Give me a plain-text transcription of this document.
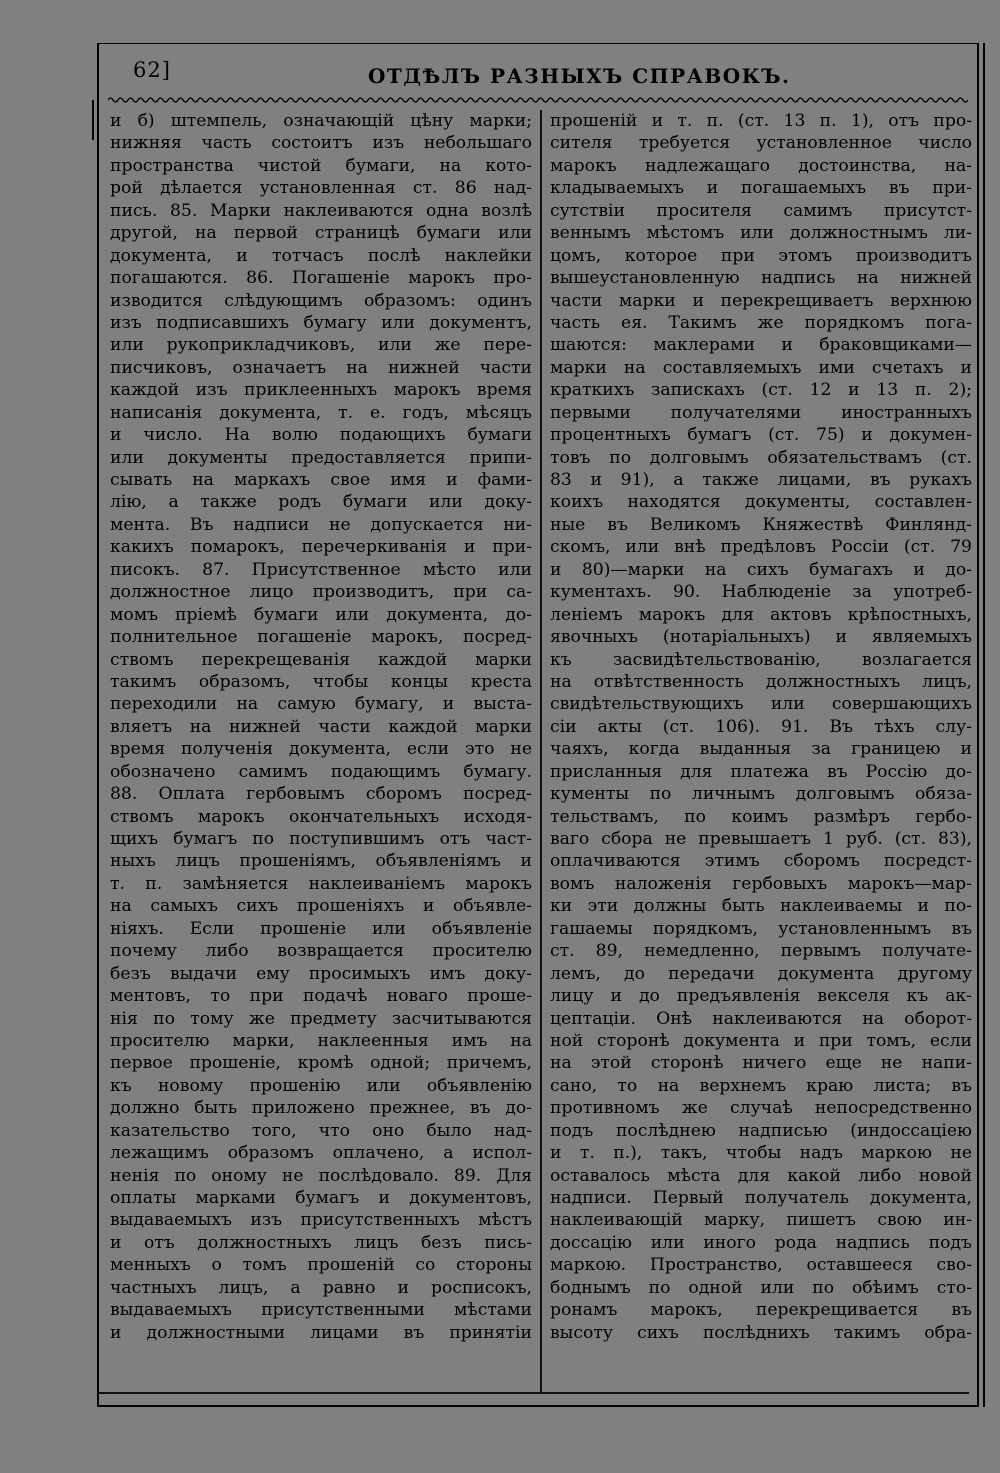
62]	ОТДѢЛЪ РАЗНЫХЪ СПРАВОКЪ.
и б) штемпель, означающій цѣну марки;
нижняя часть состоитъ изъ небольшаго
пространства чистой бумаги, на кото-
рой дѣлается установленная ст. 86 над-
пись. 85. Марки наклеиваются одна возлѣ
другой, на первой страницѣ бумаги или
документа, и тотчасъ послѣ наклейки
погашаются. 86. Погашеніе марокъ про-
изводится слѣдующимъ образомъ: одинъ
изъ подписавшихъ бумагу или документъ,
или рукоприкладчиковъ, или же пере-
писчиковъ, означаетъ на нижней части
каждой изъ приклеенныхъ марокъ время
написанія документа, т. е. годъ, мѣсяцъ
и число. На волю подающихъ бумаги
или документы предоставляется припи-
сывать на маркахъ свое имя и фами-
лію, а также родъ бумаги или доку-
мента. Въ надписи не допускается ни-
какихъ помарокъ, перечеркиванія и при-
писокъ. 87. Присутственное мѣсто или
должностное лицо производитъ, при са-
момъ пріемѣ бумаги или документа, до-
полнительное погашеніе марокъ, посред-
ствомъ перекрещеванія каждой марки
такимъ образомъ, чтобы концы креста
переходили на самую бумагу, и выста-
вляетъ на нижней части каждой марки
время полученія документа, если это не
обозначено самимъ подающимъ бумагу.
88. Оплата гербовымъ сборомъ посред-
ствомъ марокъ окончательныхъ исходя-
щихъ бумагъ по поступившимъ отъ част-
ныхъ лицъ прошеніямъ, объявленіямъ и
т. п. замѣняется наклеиваніемъ марокъ
на самыхъ сихъ прошеніяхъ и объявле-
ніяхъ. Если прошеніе или объявленіе
почему либо возвращается просителю
безъ выдачи ему просимыхъ имъ доку-
ментовъ, то при подачѣ новаго проше-
нія по тому же предмету засчитываются
просителю марки, наклеенныя имъ на
первое прошеніе, кромѣ одной; причемъ,
къ новому прошенію или объявленію
должно быть приложено прежнее, въ до-
казательство того, что оно было над-
лежащимъ образомъ оплачено, а испол-
ненія по оному не послѣдовало. 89. Для
оплаты марками бумагъ и документовъ,
выдаваемыхъ изъ присутственныхъ мѣстъ
и отъ должностныхъ лицъ безъ пись-
менныхъ о томъ прошеній со стороны
частныхъ лицъ, а равно и росписокъ,
выдаваемыхъ присутственными мѣстами
и должностными лицами въ принятіи
прошеній и т. п. (ст. 13 п. 1), отъ про-
сителя требуется установленное число
марокъ надлежащаго достоинства, на-
кладываемыхъ и погашаемыхъ въ при-
сутствіи просителя самимъ присутст-
веннымъ мѣстомъ или должностнымъ ли-
цомъ, которое при этомъ производитъ
вышеустановленную надпись на нижней
части марки и перекрещиваетъ верхнюю
часть ея. Такимъ же порядкомъ пога-
шаются: маклерами и браковщиками—
марки на составляемыхъ ими счетахъ и
краткихъ запискахъ (ст. 12 и 13 п. 2);
первыми получателями иностранныхъ
процентныхъ бумагъ (ст. 75) и докумен-
товъ по долговымъ обязательствамъ (ст.
83 и 91), а также лицами, въ рукахъ
коихъ находятся документы, составлен-
ные въ Великомъ Княжествѣ Финлянд-
скомъ, или внѣ предѣловъ Россіи (ст. 79
и 80)—марки на сихъ бумагахъ и до-
кументахъ. 90. Наблюденіе за употреб-
леніемъ марокъ для актовъ крѣпостныхъ,
явочныхъ (нотаріальныхъ) и являемыхъ
къ засвидѣтельствованію, возлагается
на отвѣтственность должностныхъ лицъ,
свидѣтельствующихъ или совершающихъ
сіи акты (ст. 106). 91. Въ тѣхъ слу-
чаяхъ, когда выданныя за границею и
присланныя для платежа въ Россію до-
кументы по личнымъ долговымъ обяза-
тельствамъ, по коимъ размѣръ гербо-
ваго сбора не превышаетъ 1 руб. (ст. 83),
оплачиваются этимъ сборомъ посредст-
вомъ наложенія гербовыхъ марокъ—мар-
ки эти должны быть наклеиваемы и по-
гашаемы порядкомъ, установленнымъ въ
ст. 89, немедленно, первымъ получате-
лемъ, до передачи документа другому
лицу и до предъявленія векселя къ ак-
цептаціи. Онѣ наклеиваются на оборот-
ной сторонѣ документа и при томъ, если
на этой сторонѣ ничего еще не напи-
сано, то на верхнемъ краю листа; въ
противномъ же случаѣ непосредственно
подъ послѣднею надписью (индоссаціею
и т. п.), такъ, чтобы надъ маркою не
оставалось мѣста для какой либо новой
надписи. Первый получатель документа,
наклеивающій марку, пишетъ свою ин-
доссацію или иного рода надпись подъ
маркою. Пространство, оставшееся сво-
боднымъ по одной или по обѣимъ сто-
ронамъ марокъ, перекрещивается въ
высоту сихъ послѣднихъ такимъ обра-
